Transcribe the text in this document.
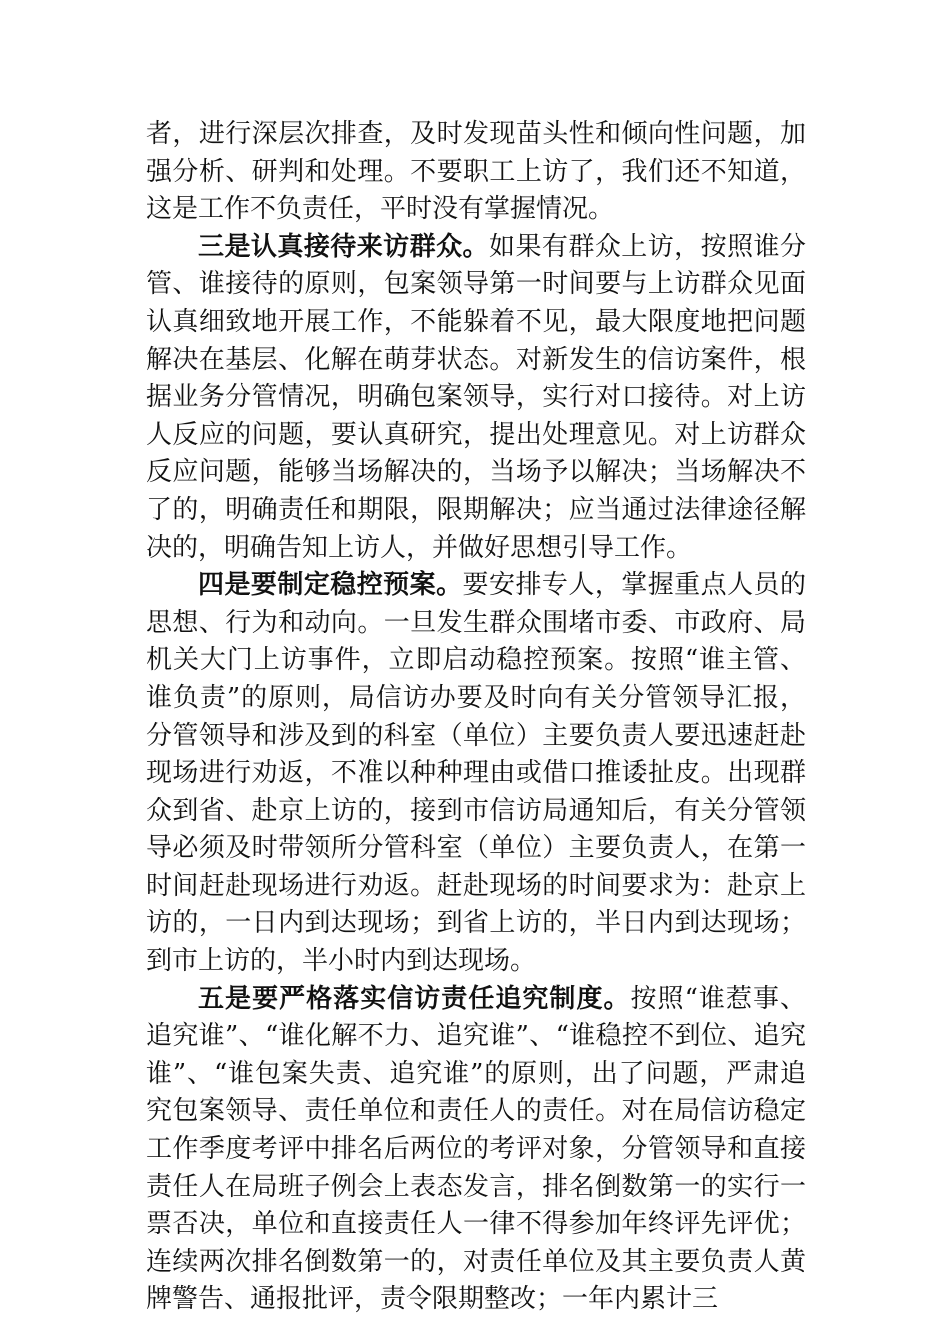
者，进行深层次排查，及时发现苗头性和倾向性问题，加强分析、研判和处理。不要职工上访了，我们还不知道，这是工作不负责任，平时没有掌握情况。

三是认真接待来访群众。如果有群众上访，按照谁分管、谁接待的原则，包案领导第一时间要与上访群众见面认真细致地开展工作，不能躲着不见，最大限度地把问题解决在基层、化解在萌芽状态。对新发生的信访案件，根据业务分管情况，明确包案领导，实行对口接待。对上访人反应的问题，要认真研究，提出处理意见。对上访群众反应问题，能够当场解决的，当场予以解决；当场解决不了的，明确责任和期限，限期解决；应当通过法律途径解决的，明确告知上访人，并做好思想引导工作。

四是要制定稳控预案。要安排专人，掌握重点人员的思想、行为和动向。一旦发生群众围堵市委、市政府、局机关大门上访事件，立即启动稳控预案。按照“谁主管、谁负责”的原则，局信访办要及时向有关分管领导汇报，分管领导和涉及到的科室（单位）主要负责人要迅速赶赴现场进行劝返，不准以种种理由或借口推诿扯皮。出现群众到省、赴京上访的，接到市信访局通知后，有关分管领导必须及时带领所分管科室（单位）主要负责人，在第一时间赶赴现场进行劝返。赶赴现场的时间要求为：赴京上访的，一日内到达现场；到省上访的，半日内到达现场；到市上访的，半小时内到达现场。

五是要严格落实信访责任追究制度。按照“谁惹事、追究谁”、“谁化解不力、追究谁”、“谁稳控不到位、追究谁”、“谁包案失责、追究谁”的原则，出了问题，严肃追究包案领导、责任单位和责任人的责任。对在局信访稳定工作季度考评中排名后两位的考评对象，分管领导和直接责任人在局班子例会上表态发言，排名倒数第一的实行一票否决，单位和直接责任人一律不得参加年终评先评优；连续两次排名倒数第一的，对责任单位及其主要负责人黄牌警告、通报批评，责令限期整改；一年内累计三
